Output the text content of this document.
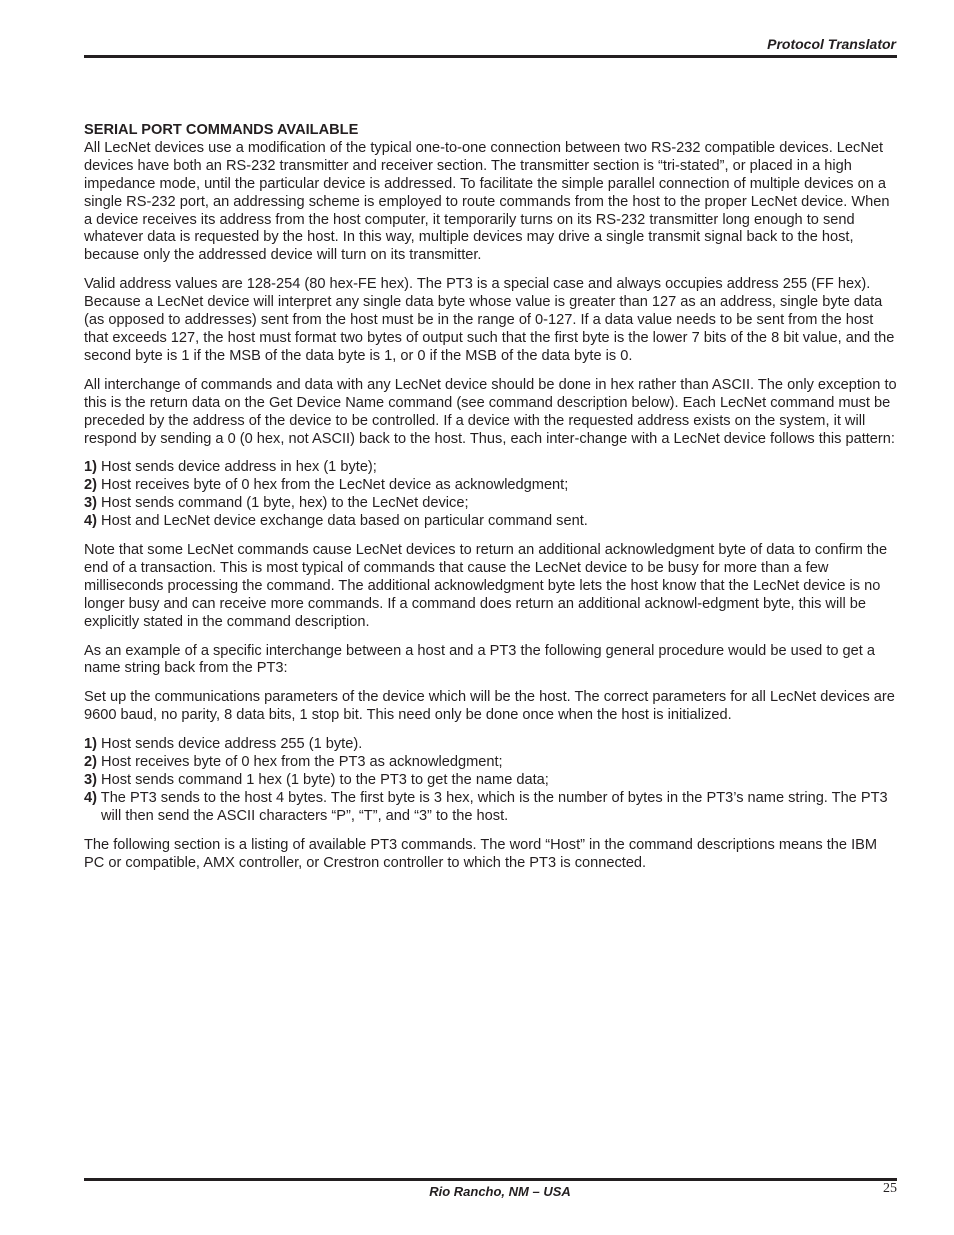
Protocol Translator
SERIAL PORT COMMANDS AVAILABLE

All LecNet devices use a modification of the typical one-to-one connection between two RS-232 compatible devices. LecNet devices have both an RS-232 transmitter and receiver section. The transmitter section is “tri-stated”, or placed in a high impedance mode, until the particular device is addressed. To facilitate the simple parallel connection of multiple devices on a single RS-232 port, an addressing scheme is employed to route commands from the host to the proper LecNet device. When a device receives its address from the host computer, it temporarily turns on its RS-232 transmitter long enough to send whatever data is requested by the host. In this way, multiple devices may drive a single transmit signal back to the host, because only the addressed device will turn on its transmitter.

Valid address values are 128-254 (80 hex-FE hex). The PT3 is a special case and always occupies address 255 (FF hex). Because a LecNet device will interpret any single data byte whose value is greater than 127 as an address, single byte data (as opposed to addresses) sent from the host must be in the range of 0-127. If a data value needs to be sent from the host that exceeds 127, the host must format two bytes of output such that the first byte is the lower 7 bits of the 8 bit value, and the second byte is 1 if the MSB of the data byte is 1, or 0 if the MSB of the data byte is 0.

All interchange of commands and data with any LecNet device should be done in hex rather than ASCII. The only exception to this is the return data on the Get Device Name command (see command description below). Each LecNet command must be preceded by the address of the device to be controlled. If a device with the requested address exists on the system, it will respond by sending a 0 (0 hex, not ASCII) back to the host. Thus, each inter-change with a LecNet device follows this pattern:

1) Host sends device address in hex (1 byte);
2) Host receives byte of 0 hex from the LecNet device as acknowledgment;
3) Host sends command (1 byte, hex) to the LecNet device;
4) Host and LecNet device exchange data based on particular command sent.

Note that some LecNet commands cause LecNet devices to return an additional acknowledgment byte of data to confirm the end of a transaction. This is most typical of commands that cause the LecNet device to be busy for more than a few milliseconds processing the command. The additional acknowledgment byte lets the host know that the LecNet device is no longer busy and can receive more commands. If a command does return an additional acknowl-edgment byte, this will be explicitly stated in the command description.

As an example of a specific interchange between a host and a PT3 the following general procedure would be used to get a name string back from the PT3:

Set up the communications parameters of the device which will be the host. The correct parameters for all LecNet devices are 9600 baud, no parity, 8 data bits, 1 stop bit. This need only be done once when the host is initialized.

1) Host sends device address 255 (1 byte).
2) Host receives byte of 0 hex from the PT3 as acknowledgment;
3) Host sends command 1 hex (1 byte) to the PT3 to get the name data;
4) The PT3 sends to the host 4 bytes. The first byte is 3 hex, which is the number of bytes in the PT3’s name string. The PT3 will then send the ASCII characters “P”, “T”, and “3” to the host.

The following section is a listing of available PT3 commands. The word “Host” in the command descriptions means the IBM PC or compatible, AMX controller, or Crestron controller to which the PT3 is connected.

Rio Rancho, NM – USA	25
